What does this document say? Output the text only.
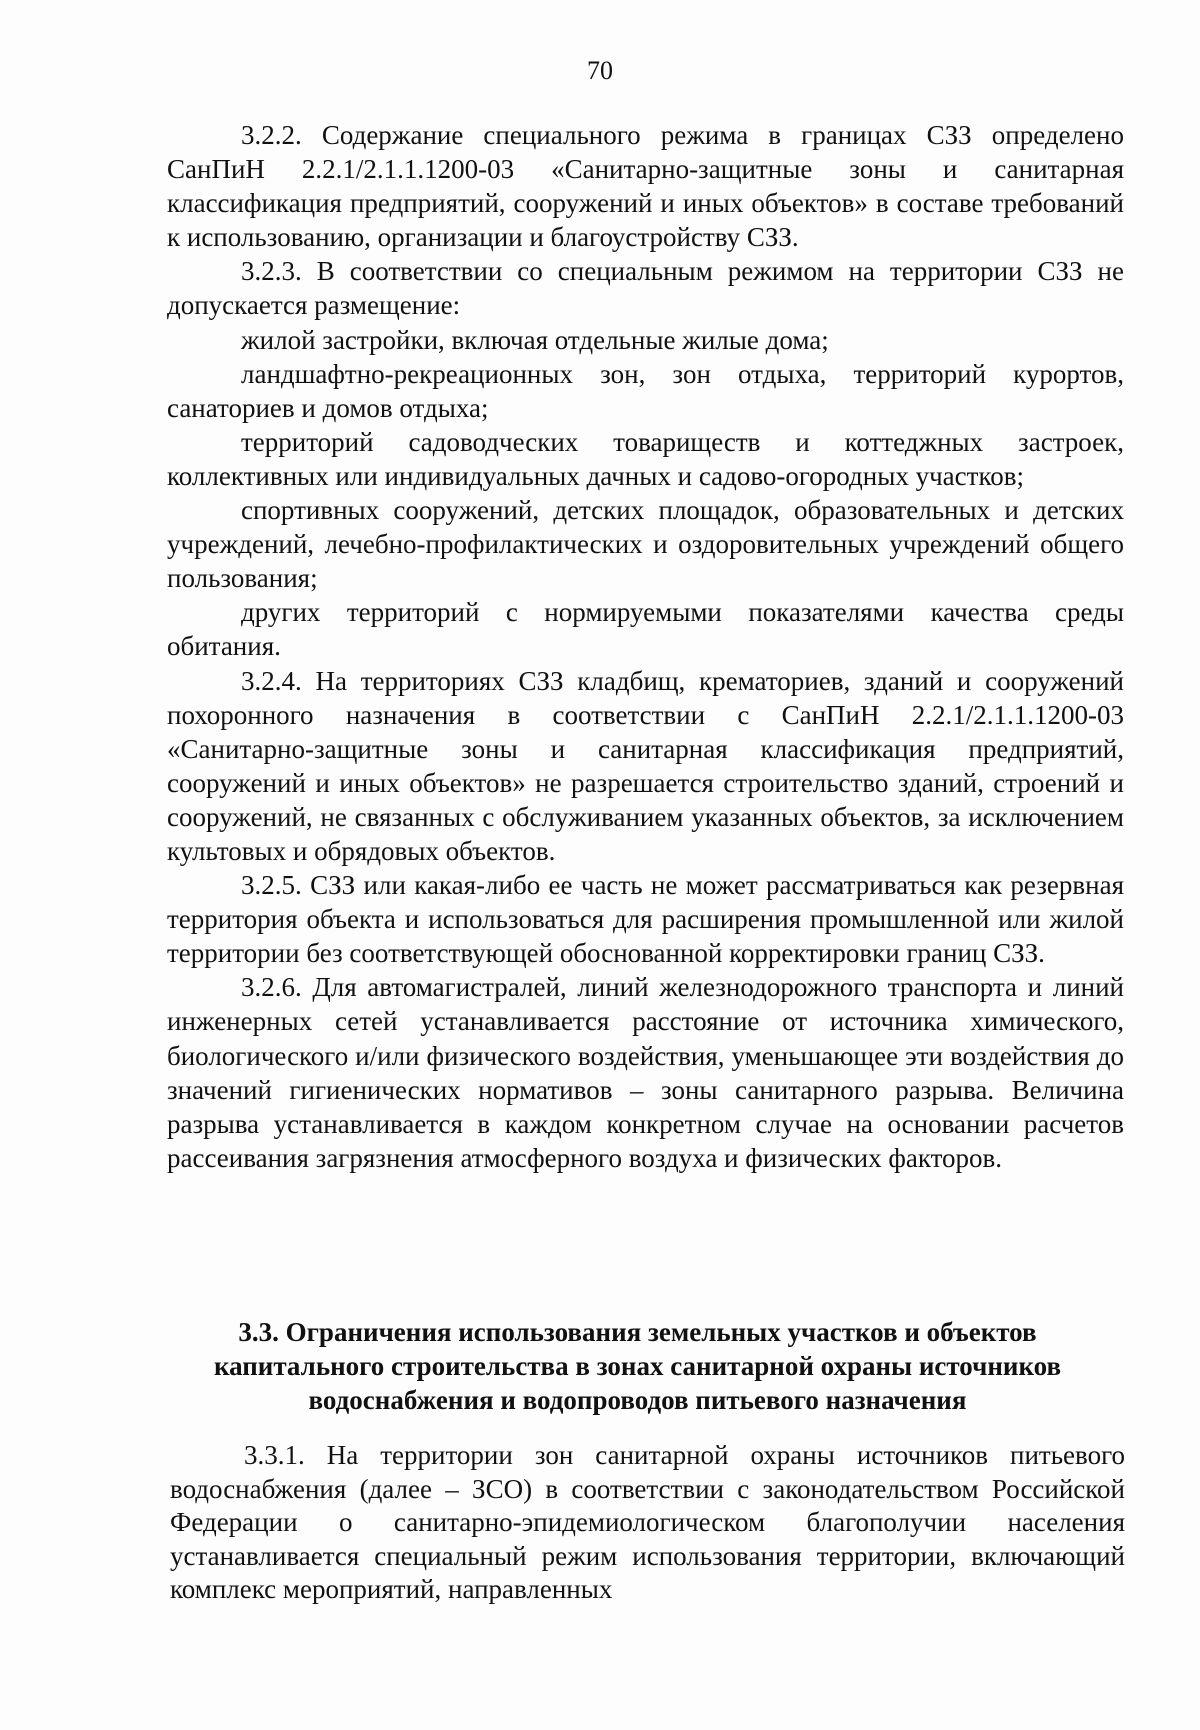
70

3.2.2. Содержание специального режима в границах СЗЗ определено СанПиН 2.2.1/2.1.1.1200-03 «Санитарно-защитные зоны и санитарная классификация предприятий, сооружений и иных объектов» в составе требований к использованию, организации и благоустройству СЗЗ.

3.2.3. В соответствии со специальным режимом на территории СЗЗ не допускается размещение:

жилой застройки, включая отдельные жилые дома;

ландшафтно-рекреационных зон, зон отдыха, территорий курортов, санаториев и домов отдыха;

территорий садоводческих товариществ и коттеджных застроек, коллективных или индивидуальных дачных и садово-огородных участков;

спортивных сооружений, детских площадок, образовательных и детских учреждений, лечебно-профилактических и оздоровительных учреждений общего пользования;

других территорий с нормируемыми показателями качества среды обитания.

3.2.4. На территориях СЗЗ кладбищ, крематориев, зданий и сооружений похоронного назначения в соответствии с СанПиН 2.2.1/2.1.1.1200-03 «Санитарно-защитные зоны и санитарная классификация предприятий, сооружений и иных объектов» не разрешается строительство зданий, строений и сооружений, не связанных с обслуживанием указанных объектов, за исключением культовых и обрядовых объектов.

3.2.5. СЗЗ или какая-либо ее часть не может рассматриваться как резервная территория объекта и использоваться для расширения промышленной или жилой территории без соответствующей обоснованной корректировки границ СЗЗ.

3.2.6. Для автомагистралей, линий железнодорожного транспорта и линий инженерных сетей устанавливается расстояние от источника химического, биологического и/или физического воздействия, уменьшающее эти воздействия до значений гигиенических нормативов – зоны санитарного разрыва. Величина разрыва устанавливается в каждом конкретном случае на основании расчетов рассеивания загрязнения атмосферного воздуха и физических факторов.

3.3. Ограничения использования земельных участков и объектов
капитального строительства в зонах санитарной охраны источников
водоснабжения и водопроводов питьевого назначения

3.3.1. На территории зон санитарной охраны источников питьевого водоснабжения (далее – ЗСО) в соответствии с законодательством Российской Федерации о санитарно-эпидемиологическом благополучии населения устанавливается специальный режим использования территории, включающий комплекс мероприятий, направленных
